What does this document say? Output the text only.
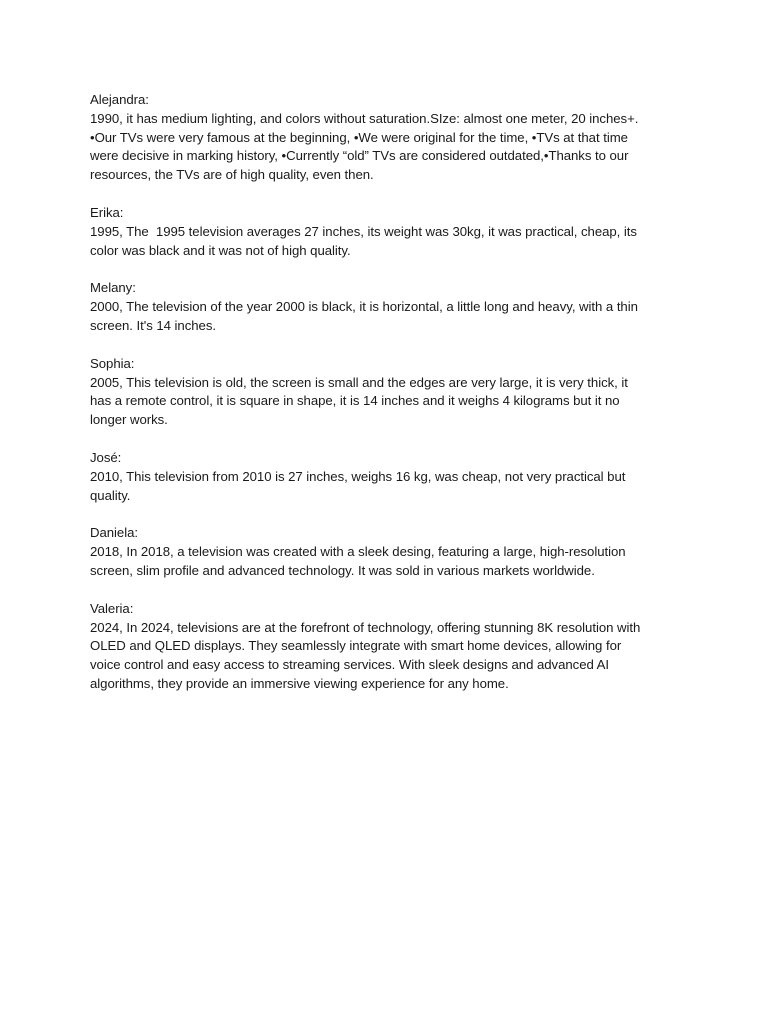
Alejandra:

1990, it has medium lighting, and colors without saturation.SIze: almost one meter, 20 inches+.

•Our TVs were very famous at the beginning, •We were original for the time, •TVs at that time

were decisive in marking history, •Currently “old” TVs are considered outdated,•Thanks to our

resources, the TVs are of high quality, even then.

Erika:

1995, The  1995 television averages 27 inches, its weight was 30kg, it was practical, cheap, its

color was black and it was not of high quality.

Melany:

2000, The television of the year 2000 is black, it is horizontal, a little long and heavy, with a thin

screen. It's 14 inches.

Sophia:

2005, This television is old, the screen is small and the edges are very large, it is very thick, it

has a remote control, it is square in shape, it is 14 inches and it weighs 4 kilograms but it no

longer works.

José:

2010, This television from 2010 is 27 inches, weighs 16 kg, was cheap, not very practical but

quality.

Daniela:

2018, In 2018, a television was created with a sleek desing, featuring a large, high-resolution

screen, slim profile and advanced technology. It was sold in various markets worldwide.

Valeria:

2024, In 2024, televisions are at the forefront of technology, offering stunning 8K resolution with

OLED and QLED displays. They seamlessly integrate with smart home devices, allowing for

voice control and easy access to streaming services. With sleek designs and advanced AI

algorithms, they provide an immersive viewing experience for any home.
